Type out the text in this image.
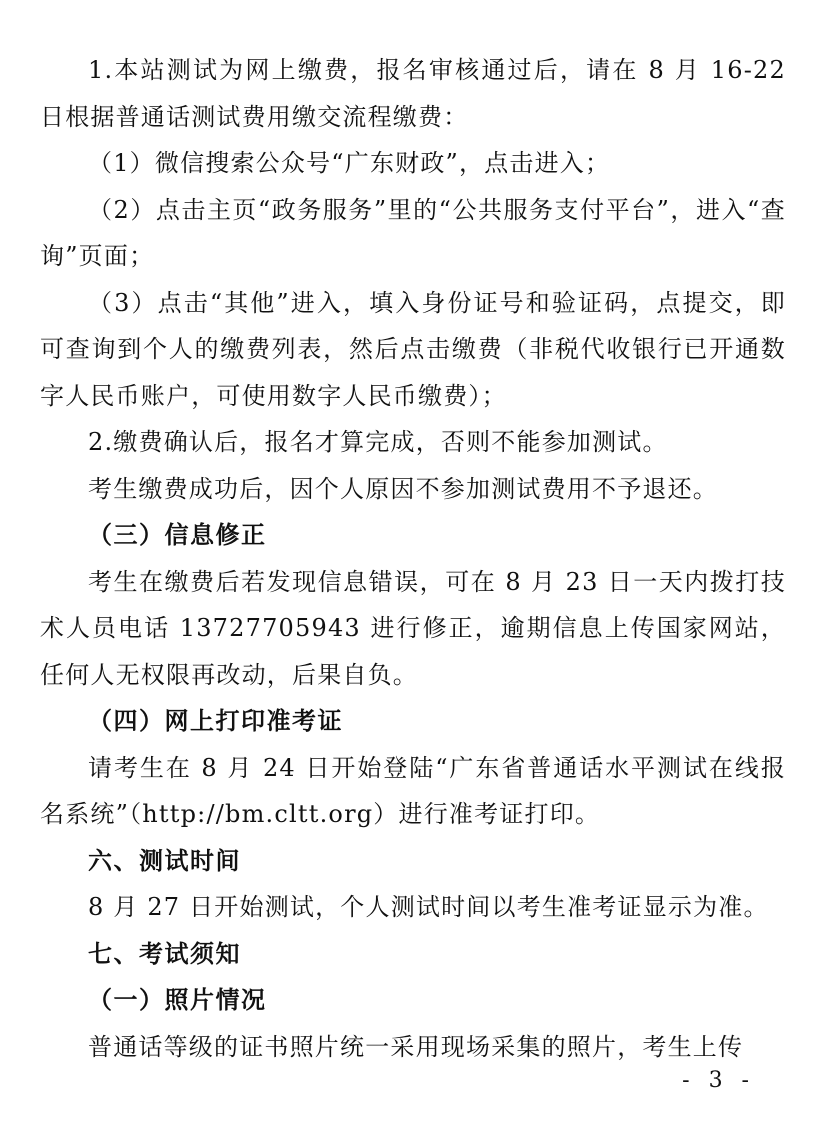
1.本站测试为网上缴费，报名审核通过后，请在 8 月 16-22 日根据普通话测试费用缴交流程缴费：

（1）微信搜索公众号“广东财政”，点击进入；

（2）点击主页“政务服务”里的“公共服务支付平台”，进入“查询”页面；

（3）点击“其他”进入，填入身份证号和验证码，点提交，即可查询到个人的缴费列表，然后点击缴费（非税代收银行已开通数字人民币账户，可使用数字人民币缴费）；

2.缴费确认后，报名才算完成，否则不能参加测试。

考生缴费成功后，因个人原因不参加测试费用不予退还。

（三）信息修正

考生在缴费后若发现信息错误，可在 8 月 23 日一天内拨打技术人员电话 13727705943 进行修正，逾期信息上传国家网站，任何人无权限再改动，后果自负。

（四）网上打印准考证

请考生在 8 月 24 日开始登陆“广东省普通话水平测试在线报名系统”（http://bm.cltt.org）进行准考证打印。

六、测试时间

8 月 27 日开始测试，个人测试时间以考生准考证显示为准。

七、考试须知

（一）照片情况

普通话等级的证书照片统一采用现场采集的照片，考生上传

- 3 -
